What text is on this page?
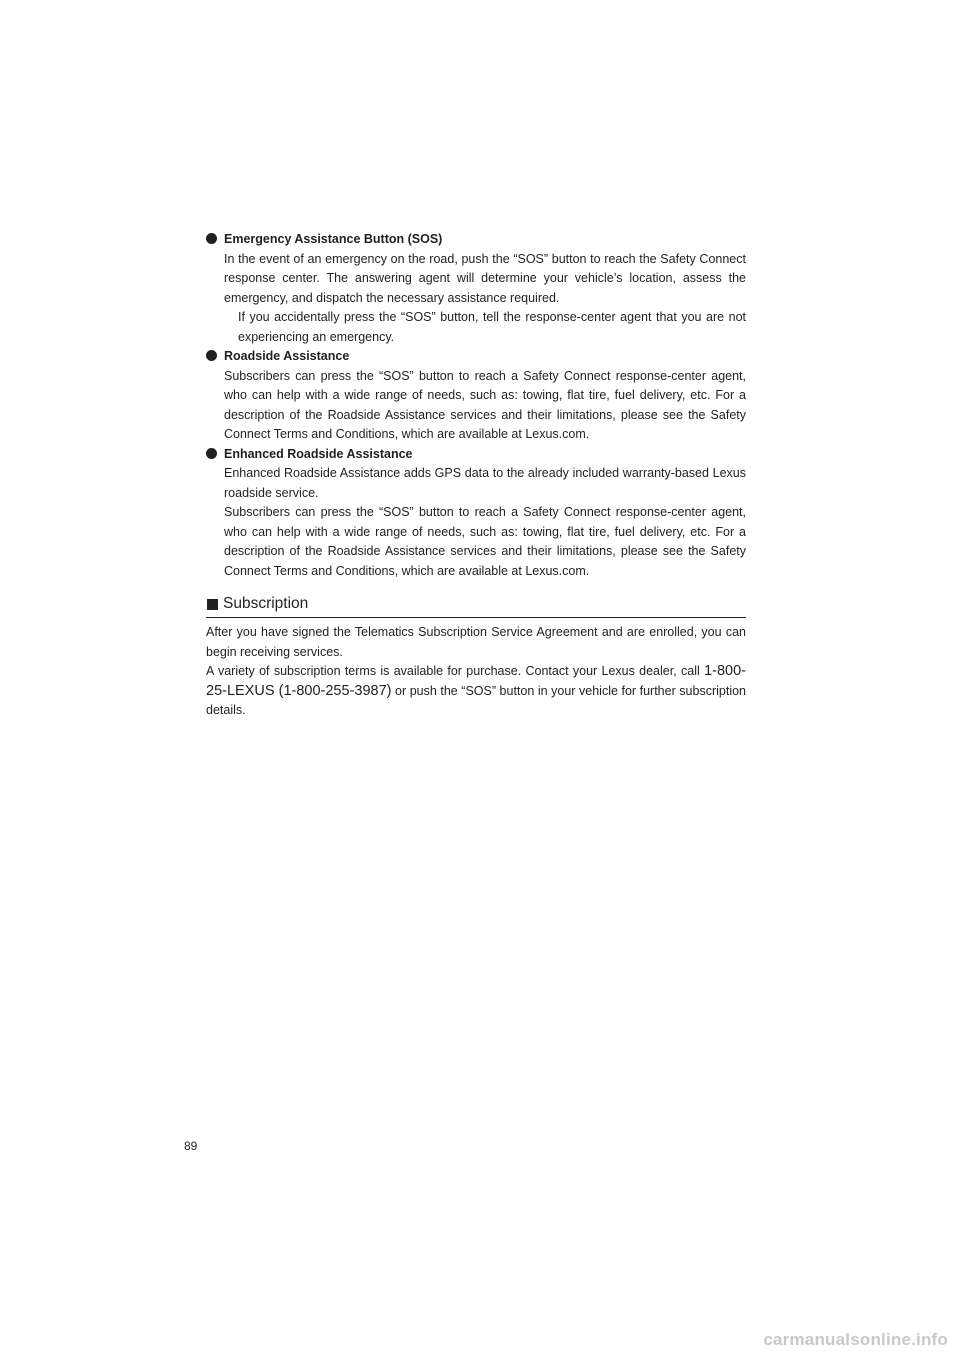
Emergency Assistance Button (SOS)
In the event of an emergency on the road, push the “SOS” button to reach the Safety Connect response center. The answering agent will determine your vehicle’s location, assess the emergency, and dispatch the necessary assistance required.
If you accidentally press the “SOS” button, tell the response-center agent that you are not experiencing an emergency.
Roadside Assistance
Subscribers can press the “SOS” button to reach a Safety Connect response-center agent, who can help with a wide range of needs, such as: towing, flat tire, fuel delivery, etc. For a description of the Roadside Assistance services and their limitations, please see the Safety Connect Terms and Conditions, which are available at Lexus.com.
Enhanced Roadside Assistance
Enhanced Roadside Assistance adds GPS data to the already included warranty-based Lexus roadside service.
Subscribers can press the “SOS” button to reach a Safety Connect response-center agent, who can help with a wide range of needs, such as: towing, flat tire, fuel delivery, etc. For a description of the Roadside Assistance services and their limitations, please see the Safety Connect Terms and Conditions, which are available at Lexus.com.
Subscription
After you have signed the Telematics Subscription Service Agreement and are enrolled, you can begin receiving services.
A variety of subscription terms is available for purchase. Contact your Lexus dealer, call 1-800-25-LEXUS (1-800-255-3987) or push the “SOS” button in your vehicle for further subscription details.
89
carmanualsonline.info
